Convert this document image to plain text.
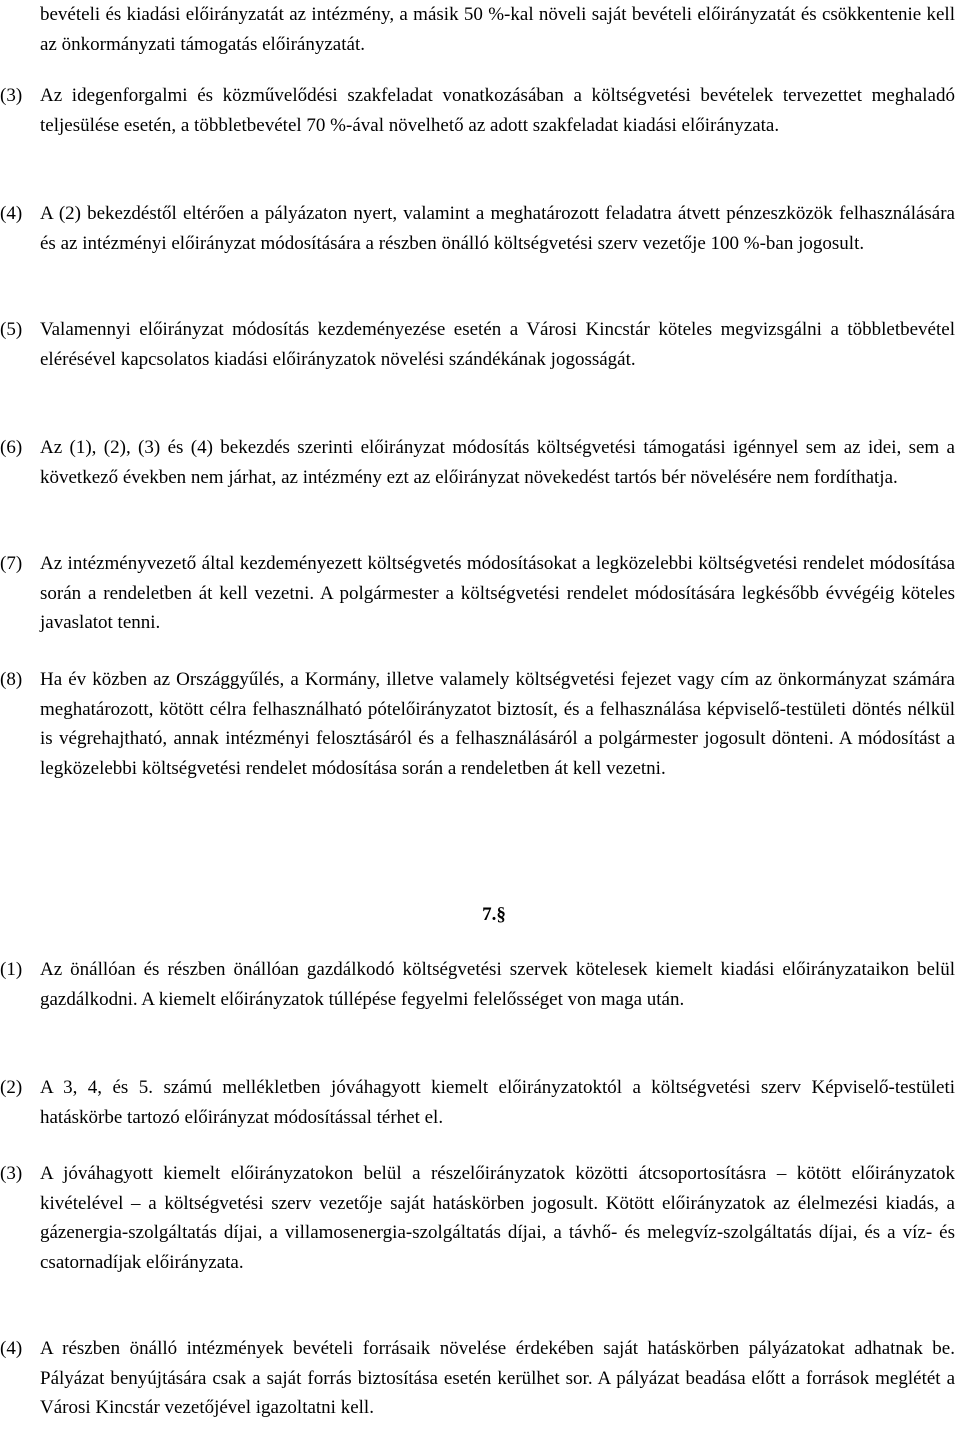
bevételi és kiadási előirányzatát az intézmény, a másik 50 %-kal növeli saját bevételi előirányzatát és csökkentenie kell az önkormányzati támogatás előirányzatát.

(3) Az idegenforgalmi és közművelődési szakfeladat vonatkozásában a költségvetési bevételek tervezettet meghaladó teljesülése esetén, a többletbevétel 70 %-ával növelhető az adott szakfeladat kiadási előirányzata.
(4) A (2) bekezdéstől eltérően a pályázaton nyert, valamint a meghatározott feladatra átvett pénzeszközök felhasználására és az intézményi előirányzat módosítására a részben önálló költségvetési szerv vezetője 100 %-ban jogosult.
(5) Valamennyi előirányzat módosítás kezdeményezése esetén a Városi Kincstár köteles megvizsgálni a többletbevétel elérésével kapcsolatos kiadási előirányzatok növelési szándékának jogosságát.
(6) Az (1), (2), (3) és (4) bekezdés szerinti előirányzat módosítás költségvetési támogatási igénnyel sem az idei, sem a következő években nem járhat, az intézmény ezt az előirányzat növekedést tartós bér növelésére nem fordíthatja.
(7) Az intézményvezető által kezdeményezett költségvetés módosításokat a legközelebbi költségvetési rendelet módosítása során a rendeletben át kell vezetni. A polgármester a költségvetési rendelet módosítására legkésőbb évvégéig köteles javaslatot tenni.
(8) Ha év közben az Országgyűlés, a Kormány, illetve valamely költségvetési fejezet vagy cím az önkormányzat számára meghatározott, kötött célra felhasználható pótelőirányzatot biztosít, és a felhasználása képviselő-testületi döntés nélkül is végrehajtható, annak intézményi felosztásáról és a felhasználásáról a polgármester jogosult dönteni. A módosítást a legközelebbi költségvetési rendelet módosítása során a rendeletben át kell vezetni.
7.§
(1) Az önállóan és részben önállóan gazdálkodó költségvetési szervek kötelesek kiemelt kiadási előirányzataikon belül gazdálkodni. A kiemelt előirányzatok túllépése fegyelmi felelősséget von maga után.
(2) A 3, 4, és 5. számú mellékletben jóváhagyott kiemelt előirányzatoktól a költségvetési szerv Képviselő-testületi hatáskörbe tartozó előirányzat módosítással térhet el.
(3) A jóváhagyott kiemelt előirányzatokon belül a részelőirányzatok közötti átcsoportosításra – kötött előirányzatok kivételével – a költségvetési szerv vezetője saját hatáskörben jogosult. Kötött előirányzatok az élelmezési kiadás, a gázenergia-szolgáltatás díjai, a villamosenergia-szolgáltatás díjai, a távhő- és melegvíz-szolgáltatás díjai, és a víz- és csatornadíjak előirányzata.
(4) A részben önálló intézmények bevételi forrásaik növelése érdekében saját hatáskörben pályázatokat adhatnak be. Pályázat benyújtására csak a saját forrás biztosítása esetén kerülhet sor. A pályázat beadása előtt a források meglétét a Városi Kincstár vezetőjével igazoltatni kell.
